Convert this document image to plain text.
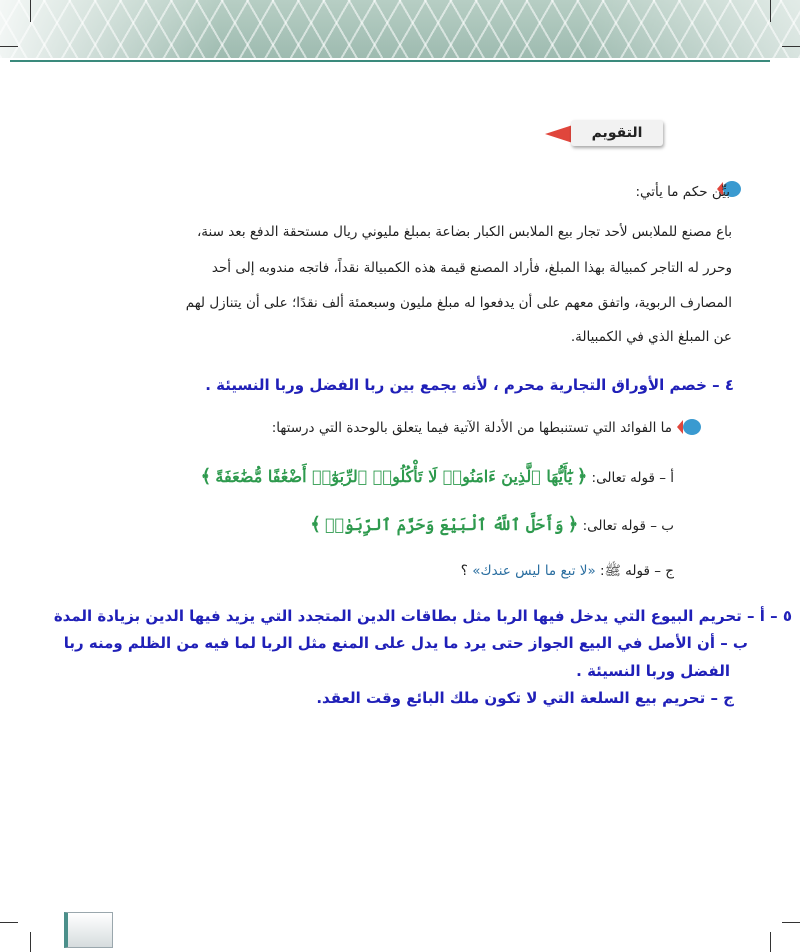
التقويم
بيِّن حكم ما يأتي:
باع مصنع للملابس لأحد تجار بيع الملابس الكبار بضاعة بمبلغ مليوني ريال مستحقة الدفع بعد سنة،
وحرر له التاجر كمبيالة بهذا المبلغ، فأراد المصنع قيمة هذه الكمبيالة نقداً، فاتجه مندوبه إلى أحد
المصارف الربوية، واتفق معهم على أن يدفعوا له مبلغ مليون وسبعمئة ألف نقدًا؛ على أن يتنازل لهم
عن المبلغ الذي في الكمبيالة.
٤ – خصم الأوراق التجارية محرم ، لأنه يجمع بين ربا الفضل وربا النسيئة .
ما الفوائد التي تستنبطها من الأدلة الآتية فيما يتعلق بالوحدة التي درستها:
أ – قوله تعالى: ﴿ يَٰٓأَيُّهَا ٱلَّذِينَ ءَامَنُوا۟ لَا تَأْكُلُوا۟ ٱلرِّبَوٰٓا۟ أَضْعَٰفًا مُّضَٰعَفَةً ﴾
ب – قوله تعالى: ﴿ وَأَحَلَّ ٱللَّهُ ٱلْبَيْعَ وَحَرَّمَ ٱلرِّبَوٰا۟ ﴾
ج – قوله ﷺ: «لا تبع ما ليس عندك» ؟
٥ – أ – تحريم البيوع التي يدخل فيها الربا مثل بطاقات الدين المتجدد التي يزيد فيها الدين بزيادة المدة
ب – أن الأصل في البيع الجواز حتى يرد ما يدل على المنع مثل الربا لما فيه من الظلم ومنه ربا
الفضل وربا النسيئة .
ج – تحريم بيع السلعة التي لا تكون ملك البائع وقت العقد.
